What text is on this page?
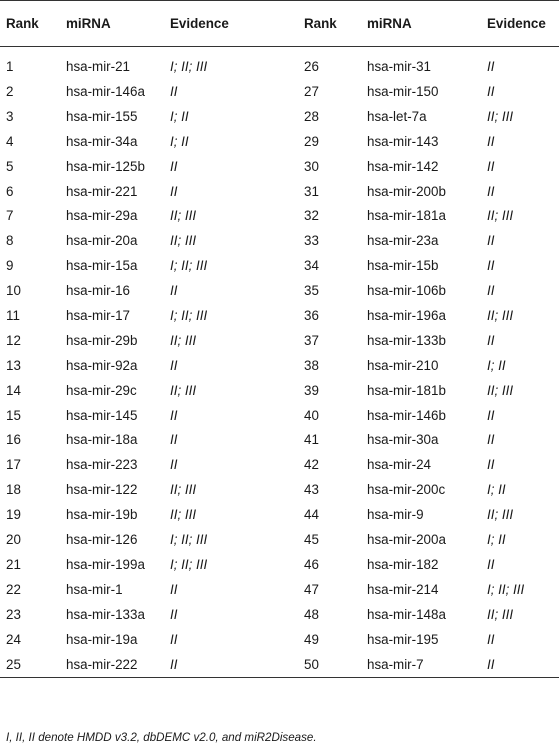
Rank	miRNA	Evidence	Rank	miRNA	Evidence
1	hsa-mir-21	I; II; III	26	hsa-mir-31	II
2	hsa-mir-146a	II	27	hsa-mir-150	II
3	hsa-mir-155	I; II	28	hsa-let-7a	II; III
4	hsa-mir-34a	I; II	29	hsa-mir-143	II
5	hsa-mir-125b	II	30	hsa-mir-142	II
6	hsa-mir-221	II	31	hsa-mir-200b	II
7	hsa-mir-29a	II; III	32	hsa-mir-181a	II; III
8	hsa-mir-20a	II; III	33	hsa-mir-23a	II
9	hsa-mir-15a	I; II; III	34	hsa-mir-15b	II
10	hsa-mir-16	II	35	hsa-mir-106b	II
11	hsa-mir-17	I; II; III	36	hsa-mir-196a	II; III
12	hsa-mir-29b	II; III	37	hsa-mir-133b	II
13	hsa-mir-92a	II	38	hsa-mir-210	I; II
14	hsa-mir-29c	II; III	39	hsa-mir-181b	II; III
15	hsa-mir-145	II	40	hsa-mir-146b	II
16	hsa-mir-18a	II	41	hsa-mir-30a	II
17	hsa-mir-223	II	42	hsa-mir-24	II
18	hsa-mir-122	II; III	43	hsa-mir-200c	I; II
19	hsa-mir-19b	II; III	44	hsa-mir-9	II; III
20	hsa-mir-126	I; II; III	45	hsa-mir-200a	I; II
21	hsa-mir-199a	I; II; III	46	hsa-mir-182	II
22	hsa-mir-1	II	47	hsa-mir-214	I; II; III
23	hsa-mir-133a	II	48	hsa-mir-148a	II; III
24	hsa-mir-19a	II	49	hsa-mir-195	II
25	hsa-mir-222	II	50	hsa-mir-7	II
I, II, II denote HMDD v3.2, dbDEMC v2.0, and miR2Disease.
